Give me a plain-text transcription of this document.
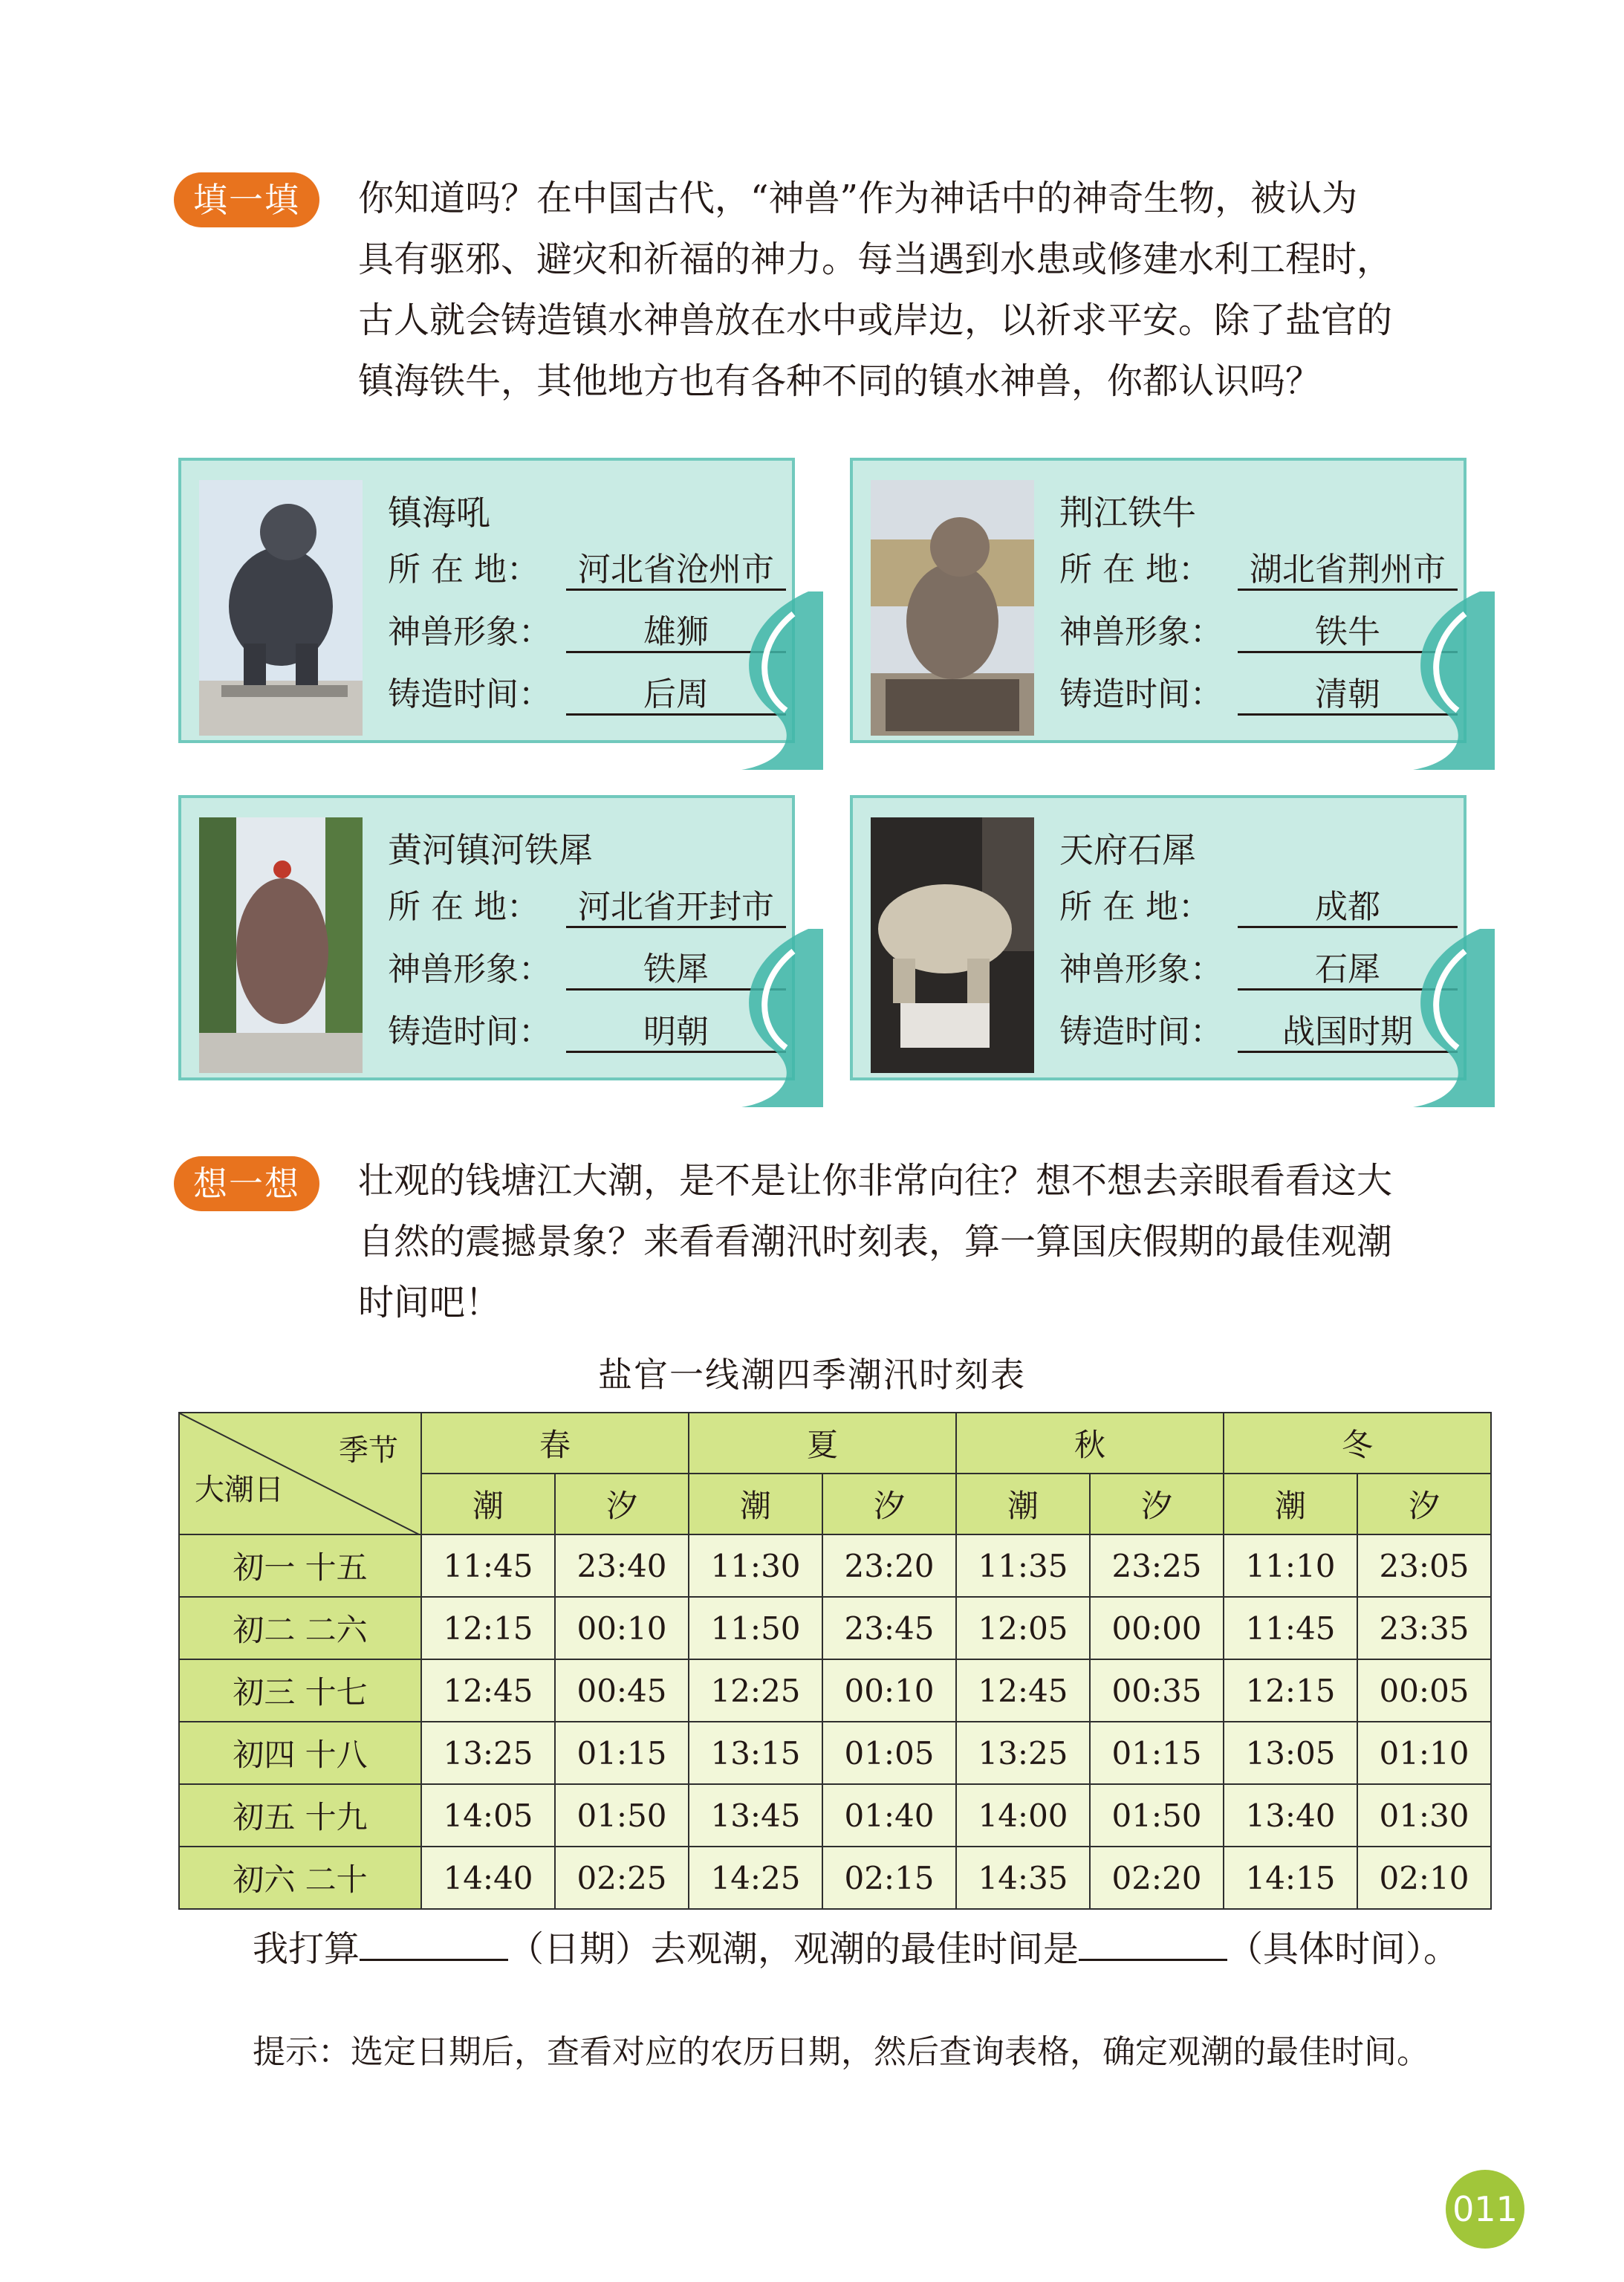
填一填	你知道吗？在中国古代，“神兽”作为神话中的神奇生物，被认为
具有驱邪、避灾和祈福的神力。每当遇到水患或修建水利工程时，
古人就会铸造镇水神兽放在水中或岸边，以祈求平安。除了盐官的
镇海铁牛，其他地方也有各种不同的镇水神兽，你都认识吗？
镇海吼
所 在 地： 河北省沧州市
神兽形象：	雄狮
铸造时间：	后周
荆江铁牛
所 在 地： 湖北省荆州市
神兽形象：	铁牛
铸造时间：	清朝
黄河镇河铁犀
所 在 地： 河北省开封市
神兽形象：	铁犀
铸造时间：	明朝
天府石犀
所 在 地：	成都
神兽形象：	石犀
铸造时间： 战国时期
想一想	壮观的钱塘江大潮，是不是让你非常向往？想不想去亲眼看看这大
自然的震撼景象？来看看潮汛时刻表，算一算国庆假期的最佳观潮
时间吧！
盐官一线潮四季潮汛时刻表
季节
大潮日	春		夏		秋		冬	
	潮	汐	潮	汐	潮	汐	潮	汐
初一 十五	11:45	23:40	11:30	23:20	11:35	23:25	11:10	23:05
初二 二六	12:15	00:10	11:50	23:45	12:05	00:00	11:45	23:35
初三 十七	12:45	00:45	12:25	00:10	12:45	00:35	12:15	00:05
初四 十八	13:25	01:15	13:15	01:05	13:25	01:15	13:05	01:10
初五 十九	14:05	01:50	13:45	01:40	14:00	01:50	13:40	01:30
初六 二十	14:40	02:25	14:25	02:15	14:35	02:20	14:15	02:10
我打算	（日期）去观潮，观潮的最佳时间是	（具体时间）。
提示：选定日期后，查看对应的农历日期，然后查询表格，确定观潮的最佳时间。
011
